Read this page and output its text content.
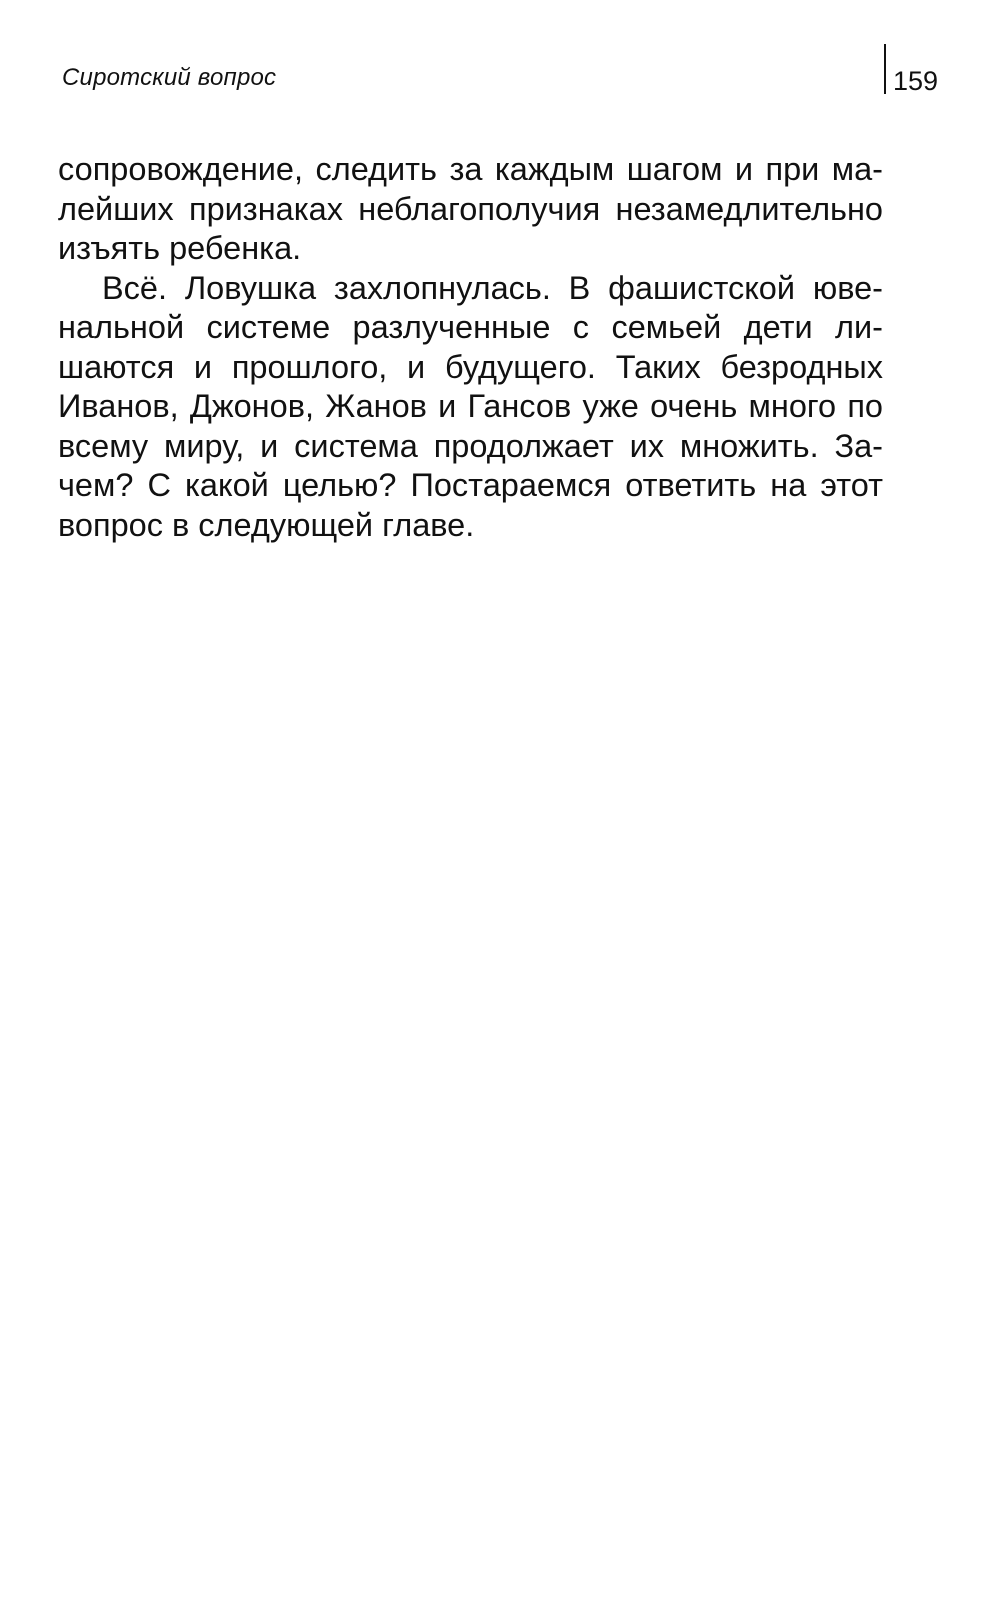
Сиротский вопрос	159

сопровождение, следить за каждым шагом и при ма-
лейших признаках неблагополучия незамедлительно
изъять ребенка.

Всё. Ловушка захлопнулась. В фашистской юве-
нальной системе разлученные с семьей дети ли-
шаются и прошлого, и будущего. Таких безродных
Иванов, Джонов, Жанов и Гансов уже очень много по
всему миру, и система продолжает их множить. За-
чем? С какой целью? Постараемся ответить на этот
вопрос в следующей главе.
